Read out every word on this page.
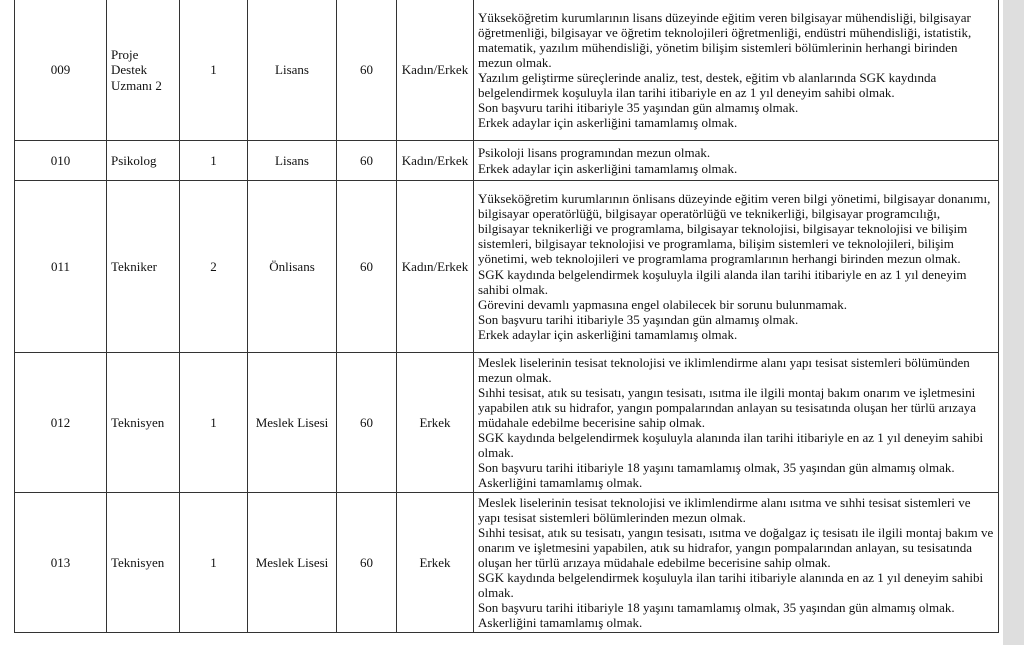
009	Proje Destek Uzmanı 2	1	Lisans	60	Kadın/Erkek	Yükseköğretim kurumlarının lisans düzeyinde eğitim veren bilgisayar mühendisliği, bilgisayar öğretmenliği, bilgisayar ve öğretim teknolojileri öğretmenliği, endüstri mühendisliği, istatistik, matematik, yazılım mühendisliği, yönetim bilişim sistemleri bölümlerinin herhangi birinden mezun olmak.
Yazılım geliştirme süreçlerinde analiz, test, destek, eğitim vb alanlarında SGK kaydında belgelendirmek koşuluyla ilan tarihi itibariyle en az 1 yıl deneyim sahibi olmak.
Son başvuru tarihi itibariyle 35 yaşından gün almamış olmak.
Erkek adaylar için askerliğini tamamlamış olmak.

010	Psikolog	1	Lisans	60	Kadın/Erkek	Psikoloji lisans programından mezun olmak.
Erkek adaylar için askerliğini tamamlamış olmak.

011	Tekniker	2	Önlisans	60	Kadın/Erkek	Yükseköğretim kurumlarının önlisans düzeyinde eğitim veren bilgi yönetimi, bilgisayar donanımı, bilgisayar operatörlüğü, bilgisayar operatörlüğü ve teknikerliği, bilgisayar programcılığı, bilgisayar teknikerliği ve programlama, bilgisayar teknolojisi, bilgisayar teknolojisi ve bilişim sistemleri, bilgisayar teknolojisi ve programlama, bilişim sistemleri ve teknolojileri, bilişim yönetimi, web teknolojileri ve programlama programlarının herhangi birinden mezun olmak.
SGK kaydında belgelendirmek koşuluyla ilgili alanda ilan tarihi itibariyle en az 1 yıl deneyim sahibi olmak.
Görevini devamlı yapmasına engel olabilecek bir sorunu bulunmamak.
Son başvuru tarihi itibariyle 35 yaşından gün almamış olmak.
Erkek adaylar için askerliğini tamamlamış olmak.

012	Teknisyen	1	Meslek Lisesi	60	Erkek	Meslek liselerinin tesisat teknolojisi ve iklimlendirme alanı yapı tesisat sistemleri bölümünden mezun olmak.
Sıhhi tesisat, atık su tesisatı, yangın tesisatı, ısıtma ile ilgili montaj bakım onarım ve işletmesini yapabilen atık su hidrafor, yangın pompalarından anlayan su tesisatında oluşan her türlü arızaya müdahale edebilme becerisine sahip olmak.
SGK kaydında belgelendirmek koşuluyla alanında ilan tarihi itibariyle en az 1 yıl deneyim sahibi olmak.
Son başvuru tarihi itibariyle 18 yaşını tamamlamış olmak, 35 yaşından gün almamış olmak.
Askerliğini tamamlamış olmak.

013	Teknisyen	1	Meslek Lisesi	60	Erkek	Meslek liselerinin tesisat teknolojisi ve iklimlendirme alanı ısıtma ve sıhhi tesisat sistemleri ve yapı tesisat sistemleri bölümlerinden mezun olmak.
Sıhhi tesisat, atık su tesisatı, yangın tesisatı, ısıtma ve doğalgaz iç tesisatı ile ilgili montaj bakım ve onarım ve işletmesini yapabilen, atık su hidrafor, yangın pompalarından anlayan, su tesisatında oluşan her türlü arızaya müdahale edebilme becerisine sahip olmak.
SGK kaydında belgelendirmek koşuluyla ilan tarihi itibariyle alanında en az 1 yıl deneyim sahibi olmak.
Son başvuru tarihi itibariyle 18 yaşını tamamlamış olmak, 35 yaşından gün almamış olmak.
Askerliğini tamamlamış olmak.
